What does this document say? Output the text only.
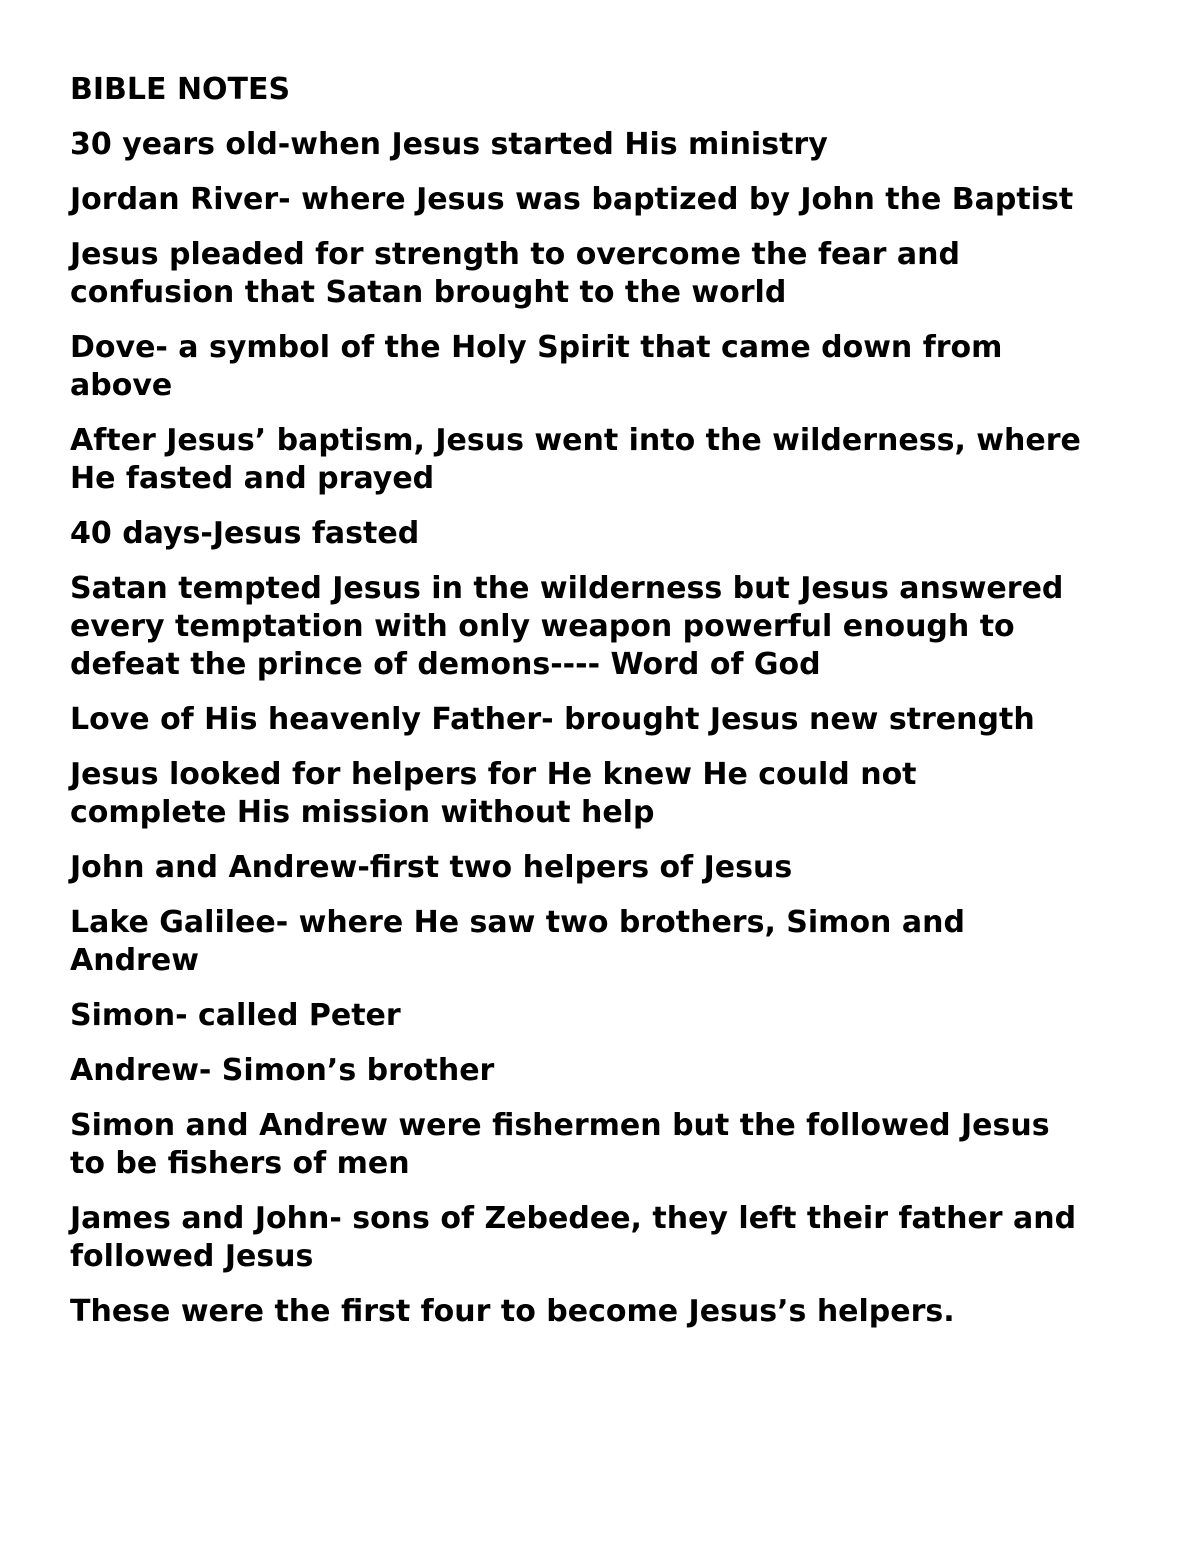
BIBLE NOTES

30 years old-when Jesus started His ministry

Jordan River- where Jesus was baptized by John the Baptist

Jesus pleaded for strength to overcome the fear and
confusion that Satan brought to the world

Dove- a symbol of the Holy Spirit that came down from
above

After Jesus’ baptism, Jesus went into the wilderness, where
He fasted and prayed

40 days-Jesus fasted

Satan tempted Jesus in the wilderness but Jesus answered
every temptation with only weapon powerful enough to
defeat the prince of demons---- Word of God

Love of His heavenly Father- brought Jesus new strength

Jesus looked for helpers for He knew He could not
complete His mission without help

John and Andrew-first two helpers of Jesus

Lake Galilee- where He saw two brothers, Simon and
Andrew

Simon- called Peter

Andrew- Simon’s brother

Simon and Andrew were fishermen but the followed Jesus
to be fishers of men

James and John- sons of Zebedee, they left their father and
followed Jesus

These were the first four to become Jesus’s helpers.
